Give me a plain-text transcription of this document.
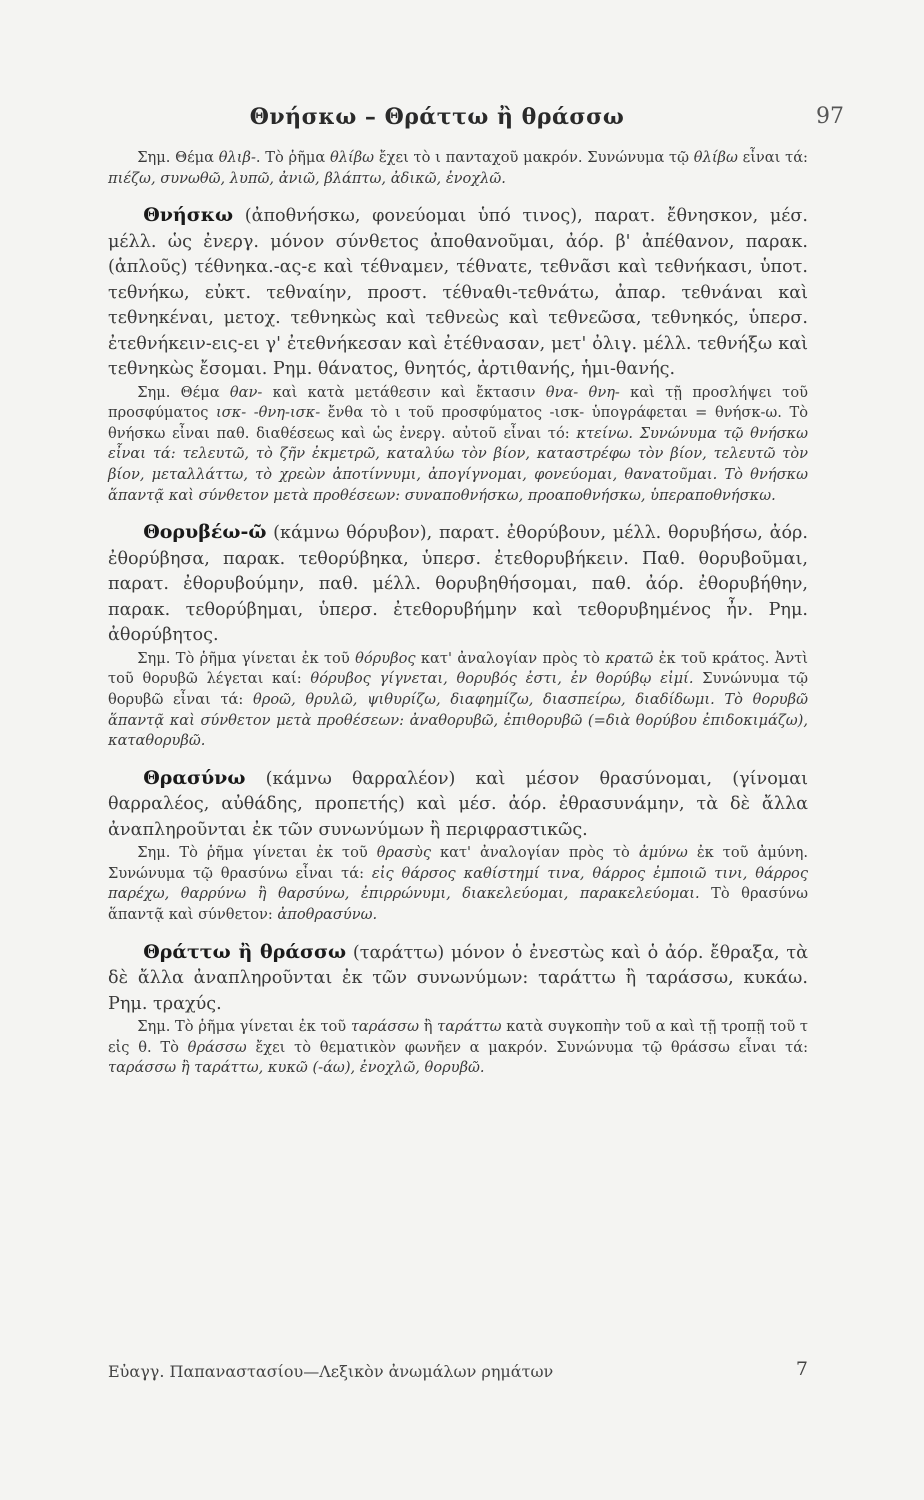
Θνήσκω – Θράττω ἢ θράσσω	97

Σημ. Θέμα θλιβ-. Τὸ ῥῆμα θλίβω ἔχει τὸ ι πανταχοῦ μακρόν. Συνώνυμα τῷ θλίβω εἶναι τά: πιέζω, συνωθῶ, λυπῶ, ἀνιῶ, βλάπτω, ἀδικῶ, ἐνοχλῶ.

Θνήσκω (ἀποθνήσκω, φονεύομαι ὑπό τινος), παρατ. ἔθνησκον, μέσ. μέλλ. ὡς ἐνεργ. μόνον σύνθετος ἀποθανοῦμαι, ἀόρ. β' ἀπέθανον, παρακ. (ἁπλοῦς) τέθνηκα.-ας-ε καὶ τέθναμεν, τέθνατε, τεθνᾶσι καὶ τεθνήκασι, ὑποτ. τεθνήκω, εὐκτ. τεθναίην, προστ. τέθναθι-τεθνάτω, ἀπαρ. τεθνάναι καὶ τεθνηκέναι, μετοχ. τεθνηκὼς καὶ τεθνεὼς καὶ τεθνεῶσα, τεθνηκός, ὑπερσ. ἐτεθνήκειν-εις-ει γ' ἐτεθνήκεσαν καὶ ἐτέθνασαν, μετ' ὀλιγ. μέλλ. τεθνήξω καὶ τεθνηκὼς ἔσομαι. Ρημ. θάνατος, θνητός, ἀρτιθανής, ἡμι-θανής.

Σημ. Θέμα θαν- καὶ κατὰ μετάθεσιν καὶ ἔκτασιν θνα- θνη- καὶ τῇ προσλήψει τοῦ προσφύματος ισκ- -θνη-ισκ- ἔνθα τὸ ι τοῦ προσφύματος -ισκ- ὑπογράφεται = θνήσκ-ω. Τὸ θνήσκω εἶναι παθ. διαθέσεως καὶ ὡς ἐνεργ. αὐτοῦ εἶναι τό: κτείνω. Συνώνυμα τῷ θνήσκω εἶναι τά: τελευτῶ, τὸ ζῆν ἐκμετρῶ, καταλύω τὸν βίον, καταστρέφω τὸν βίον, τελευτῶ τὸν βίον, μεταλλάττω, τὸ χρεὼν ἀποτίννυμι, ἀπογίγνομαι, φονεύομαι, θανατοῦμαι. Τὸ θνήσκω ἅπαντᾷ καὶ σύνθετον μετὰ προθέσεων: συναποθνήσκω, προαποθνήσκω, ὑπεραποθνήσκω.

Θορυβέω-ῶ (κάμνω θόρυβον), παρατ. ἐθορύβουν, μέλλ. θορυβήσω, ἀόρ. ἐθορύβησα, παρακ. τεθορύβηκα, ὑπερσ. ἐτεθορυβήκειν. Παθ. θορυβοῦμαι, παρατ. ἐθορυβούμην, παθ. μέλλ. θορυβηθήσομαι, παθ. ἀόρ. ἐθορυβήθην, παρακ. τεθορύβημαι, ὑπερσ. ἐτεθορυβήμην καὶ τεθορυβημένος ἦν. Ρημ. ἀθορύβητος.

Σημ. Τὸ ῥῆμα γίνεται ἐκ τοῦ θόρυβος κατ' ἀναλογίαν πρὸς τὸ κρατῶ ἐκ τοῦ κράτος. Ἀντὶ τοῦ θορυβῶ λέγεται καί: θόρυβος γίγνεται, θορυβός ἐστι, ἐν θορύβῳ εἰμί. Συνώνυμα τῷ θορυβῶ εἶναι τά: θροῶ, θρυλῶ, ψιθυρίζω, διαφημίζω, διασπείρω, διαδίδωμι. Τὸ θορυβῶ ἅπαντᾷ καὶ σύνθετον μετὰ προθέσεων: ἀναθορυβῶ, ἐπιθορυβῶ (=διὰ θορύβου ἐπιδοκιμάζω), καταθορυβῶ.

Θρασύνω (κάμνω θαρραλέον) καὶ μέσον θρασύνομαι, (γίνομαι θαρραλέος, αὐθάδης, προπετής) καὶ μέσ. ἀόρ. ἐθρασυνάμην, τὰ δὲ ἄλλα ἀναπληροῦνται ἐκ τῶν συνωνύμων ἢ περιφραστικῶς.

Σημ. Τὸ ῥῆμα γίνεται ἐκ τοῦ θρασὺς κατ' ἀναλογίαν πρὸς τὸ ἀμύνω ἐκ τοῦ ἀμύνη. Συνώνυμα τῷ θρασύνω εἶναι τά: εἰς θάρσος καθίστημί τινα, θάρρος ἐμποιῶ τινι, θάρρος παρέχω, θαρρύνω ἢ θαρσύνω, ἐπιρρώνυμι, διακελεύομαι, παρακελεύομαι. Τὸ θρασύνω ἅπαντᾷ καὶ σύνθετον: ἀποθρασύνω.

Θράττω ἢ θράσσω (ταράττω) μόνον ὁ ἐνεστὼς καὶ ὁ ἀόρ. ἔθραξα, τὰ δὲ ἄλλα ἀναπληροῦνται ἐκ τῶν συνωνύμων: ταράττω ἢ ταράσσω, κυκάω. Ρημ. τραχύς.

Σημ. Τὸ ῥῆμα γίνεται ἐκ τοῦ ταράσσω ἢ ταράττω κατὰ συγκοπὴν τοῦ α καὶ τῇ τροπῇ τοῦ τ εἰς θ. Τὸ θράσσω ἔχει τὸ θεματικὸν φωνῆεν α μακρόν. Συνώνυμα τῷ θράσσω εἶναι τά: ταράσσω ἢ ταράττω, κυκῶ (-άω), ἐνοχλῶ, θορυβῶ.

Εὐαγγ. Παπαναστασίου—Λεξικὸν ἀνωμάλων ρημάτων	7
